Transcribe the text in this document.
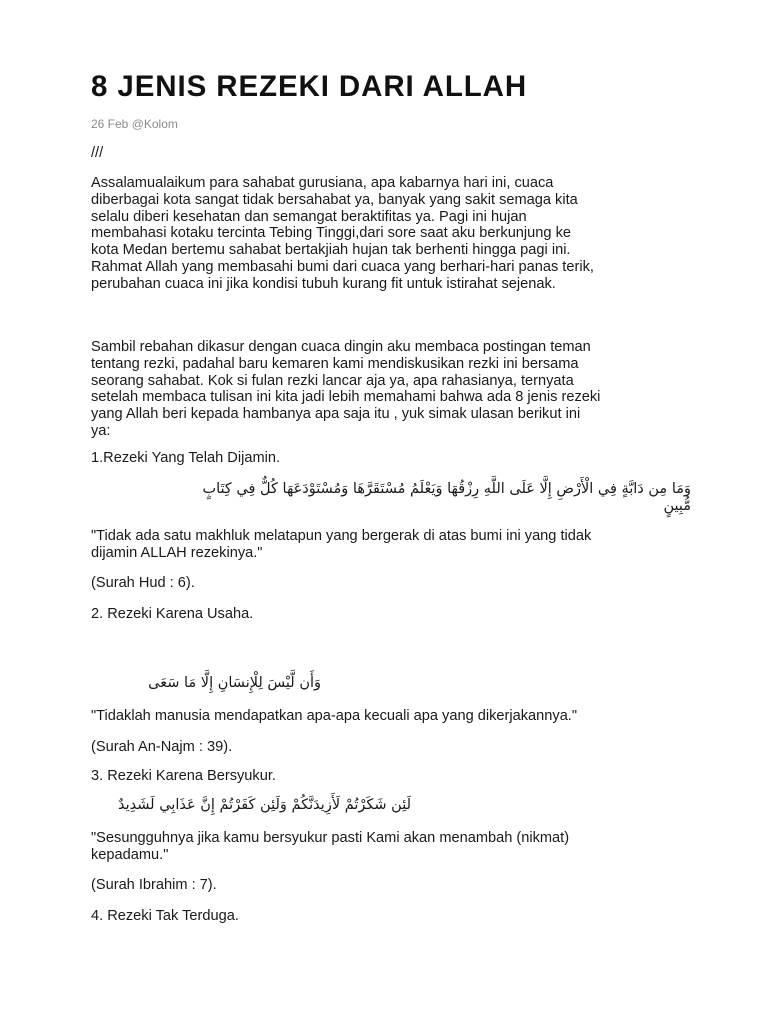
8 JENIS REZEKI DARI ALLAH
26 Feb @Kolom

///

Assalamualaikum para sahabat gurusiana, apa kabarnya hari ini, cuaca
diberbagai kota sangat tidak bersahabat ya, banyak yang sakit semaga kita
selalu diberi kesehatan dan semangat beraktifitas ya. Pagi ini hujan
membahasi kotaku tercinta Tebing Tinggi,dari sore saat aku berkunjung ke
kota Medan bertemu sahabat bertakjiah hujan tak berhenti hingga pagi ini.
Rahmat Allah yang membasahi bumi dari cuaca yang berhari-hari panas terik,
perubahan cuaca ini jika kondisi tubuh kurang fit untuk istirahat sejenak.

Sambil rebahan dikasur dengan cuaca dingin aku membaca postingan teman
tentang rezki, padahal baru kemaren kami mendiskusikan rezki ini bersama
seorang sahabat. Kok si fulan rezki lancar aja ya, apa rahasianya, ternyata
setelah membaca tulisan ini kita jadi lebih memahami bahwa ada 8 jenis rezeki
yang Allah beri kepada hambanya apa saja itu , yuk simak ulasan berikut ini
ya:

1.Rezeki Yang Telah Dijamin.

وَمَا مِن دَابَّةٍ فِي الْأَرْضِ إِلَّا عَلَى اللَّهِ رِزْقُهَا وَيَعْلَمُ مُسْتَقَرَّهَا وَمُسْتَوْدَعَهَا كُلٌّ فِي كِتَابٍ
مُّبِينٍ

"Tidak ada satu makhluk melatapun yang bergerak di atas bumi ini yang tidak
dijamin ALLAH rezekinya."

(Surah Hud : 6).

2. Rezeki Karena Usaha.

وَأَن لَّيْسَ لِلْإِنسَانِ إِلَّا مَا سَعَى

"Tidaklah manusia mendapatkan apa-apa kecuali apa yang dikerjakannya."

(Surah An-Najm : 39).

3. Rezeki Karena Bersyukur.

لَئِن شَكَرْتُمْ لَأَزِيدَنَّكُمْ وَلَئِن كَفَرْتُمْ إِنَّ عَذَابِي لَشَدِيدٌ

"Sesungguhnya jika kamu bersyukur pasti Kami akan menambah (nikmat)
kepadamu."

(Surah Ibrahim : 7).

4. Rezeki Tak Terduga.
